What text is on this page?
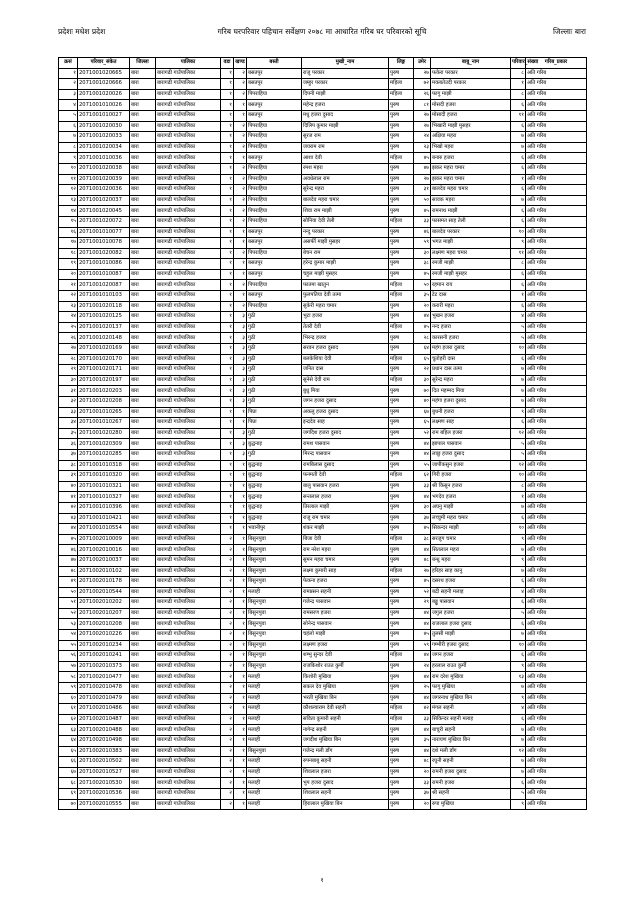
गरिब घरपरिवार पहिचान सर्वेक्षण २०७८ मा आधारित गरिब घर परिवारको सूचि
प्रदेशः मधेश प्रदेश	जिल्लाः बारा
क्रसं	परिवार_संकेत	जिल्ला	पालिका	वडा	खण्ड	बस्ती	मुखी_नाम	लिङ्ग	उमेर	बाबु_नाम	परिवार_संख्या	गरिब_प्रकार
१	2071001020665	बारा	बारागढी गाउँपालिका	१	२	बसतपुर	राजु परकार	पुरुष	२७	फकेरा परकार	८	अति गरिब
२	2071001020666	बारा	बारागढी गाउँपालिका	१	२	बसतपुर	जम्हुर परकार	महिला	७२	मकबतेउदी परकार	१	अति गरिब
३	2071001020026	बारा	बारागढी गाउँपालिका	१	२	पिपराहिया	दिपनी माझी	महिला	२६	फागु माझी	८	अति गरिब
४	2071001010026	बारा	बारागढी गाउँपालिका	१	१	बसतपुर	महेन्द्र हजरा	पुरुष	८१	मोसदी हजरा	६	अति गरिब
५	2071001010027	बारा	बारागढी गाउँपालिका	१	१	बसतपुर	मधु हजरा दुसाद	पुरुष	२७	मोसादी हजरा	११	अति गरिब
६	2071001020030	बारा	बारागढी गाउँपालिका	१	२	पिपराहिया	दिलिप कुमार माझी	पुरुष	२७	भिखारी माझी मुसहर	६	अति गरिब
७	2071001020033	बारा	बारागढी गाउँपालिका	१	२	पिपराहिया	सुरज राम	पुरुष	२४	अक्षिया महरा	७	अति गरिब
८	2071001020034	बारा	बारागढी गाउँपालिका	१	२	पिपराहिया	जयराम राम	पुरुष	२३	भिखो महरा	७	अति गरिब
९	2071001010036	बारा	बारागढी गाउँपालिका	१	१	बसतपुर	आशा देवी	महिला	४५	बनारु हजरा	६	अति गरिब
१०	2071001020038	बारा	बारागढी गाउँपालिका	१	२	पिपराहिया	रमश महरा	पुरुष	४७	झकर महरा चमार	६	अति गरिब
११	2071001020039	बारा	बारागढी गाउँपालिका	१	२	पिपराहिया	अवधेलाल राम	पुरुष	२७	झकर महरा चमार	१	अति गरिब
१२	2071001020036	बारा	बारागढी गाउँपालिका	१	२	पिपराहिया	सुरेन्द्र महरा	पुरुष	३१	बालदेव महरा चमार	६	अति गरिब
१३	2071001020037	बारा	बारागढी गाउँपालिका	१	२	पिपराहिया	बालदेव महरा चमार	पुरुष	५०	सावक महरा	७	अति गरिब
१४	2071001020045	बारा	बारागढी गाउँपालिका	१	२	पिपराहिया	शिवा राम माझी	पुरुष	४५	रामनाथ माझी	६	अति गरिब
१५	2071001020072	बारा	बारागढी गाउँपालिका	१	२	पिपराहिया	सोनिया देवी तेली	महिला	३३	फासमत साह तेली	६	अति गरिब
१६	2071001010077	बारा	बारागढी गाउँपालिका	१	१	बसतपुर	नन्दु परकार	पुरुष	४६	बालदेव परकार	१०	अति गरिब
१७	2071001010078	बारा	बारागढी गाउँपालिका	१	१	बसतपुर	असर्फी माझी मुसहर	पुरुष	५९	भगत माझी	९	अति गरिब
१८	2071001020082	बारा	बारागढी गाउँपालिका	१	२	पिपराहिया	बेचन राम	पुरुष	३०	लक्ष्मण महरा चमार	११	अति गरिब
१९	2071001010086	बारा	बारागढी गाउँपालिका	१	१	बसतपुर	हरेन्द्र कुमार माझी	पुरुष	३८	रमजी माझी	८	अति गरिब
२०	2071001010087	बारा	बारागढी गाउँपालिका	१	१	बसतपुर	चहुल माझी मुसहर	पुरुष	४५	रमजी माझी मुसहर	६	अति गरिब
२१	2071001020087	बारा	बारागढी गाउँपालिका	१	२	पिपराहिया	फातमा खातुन	महिला	५०	रहमान राय	६	अति गरिब
२२	2071001010103	बारा	बारागढी गाउँपालिका	१	१	बसतपुर	फुलपतिया देवी तत्मा	महिला	३५	टेट दास	१	अति गरिब
२३	2071001020118	बारा	बारागढी गाउँपालिका	१	२	पिपराहिया	सुकेरी महरा चमार	पुरुष	२०	करारी महरा	६	अति गरिब
२४	2071001020125	बारा	बारागढी गाउँपालिका	१	३	गुठी	भुटा हजरा	पुरुष	४४	भुखन हजरा	४	अति गरिब
२५	2071001020137	बारा	बारागढी गाउँपालिका	१	३	गुठी	तेतरी देवी	महिला	४५	नन्द हजरा	५	अति गरिब
२६	2071001020148	बारा	बारागढी गाउँपालिका	१	३	गुठी	भिरन्द्र हजरा	पुरुष	२८	कारसनी हजरा	५	अति गरिब
२७	2071001020169	बारा	बारागढी गाउँपालिका	१	३	गुठी	सरवन हजरा दुसाद	पुरुष	६४	महंग हजरा दुसाद	१०	अति गरिब
२८	2071001020170	बारा	बारागढी गाउँपालिका	१	३	गुठी	बलकेशिया देवी	महिला	६५	चुतोहरी दास	६	अति गरिब
२९	2071001020171	बारा	बारागढी गाउँपालिका	१	३	गुठी	जनित दास	पुरुष	२२	प्रधान दास तत्मा	७	अति गरिब
३०	2071001020197	बारा	बारागढी गाउँपालिका	१	३	गुठी	सुनेसे देवी राम	महिला	३०	सुरेन्द्र महरा	७	अति गरिब
३१	2071001020203	बारा	बारागढी गाउँपालिका	१	३	गुठी	बुधु मिया	पुरुष	७०	दित महम्मद मिया	७	अति गरिब
३२	2071001020208	बारा	बारागढी गाउँपालिका	१	३	गुठी	जगन हजरा दुसाद	पुरुष	४०	महंगा हजरा दुसाद	७	अति गरिब
३३	2071001010265	बारा	बारागढी गाउँपालिका	१	१	पिप्रा	अकलु हजरा दुसाद	पुरुष	६७	बुधनी हजरा	९	अति गरिब
३४	2071001010267	बारा	बारागढी गाउँपालिका	१	१	पिप्रा	इन्द्रदेव साह	पुरुष	६५	लक्ष्मण साह	६	अति गरिब
३५	2071001020280	बारा	बारागढी गाउँपालिका	१	३	गुठी	जगदिश हजरा दुसाद	पुरुष	५२	राम बहिल हजरा	१२	अति गरिब
३६	2071001020309	बारा	बारागढी गाउँपालिका	१	३	बुद्धनाइ	रामश पासवान	पुरुष	४४	झापाल पासवान	५	अति गरिब
३७	2071001020285	बारा	बारागढी गाउँपालिका	१	३	गुठी	मिरन्द्र पासवान	पुरुष	४४	लाछु हजरा दुसाद	५	अति गरिब
३८	2071001010318	बारा	बारागढी गाउँपालिका	१	१	बुद्धनाइ	रामबिलास दुसाद	पुरुष	५५	जापीकसुन हजरा	१२	अति गरिब
३९	2071001010320	बारा	बारागढी गाउँपालिका	१	१	बुद्धनाइ	फनमती देवी	महिला	६२	गिरी हजरा	१०	अति गरिब
४०	2071001010321	बारा	बारागढी गाउँपालिका	१	१	बुद्धनाइ	बालु पासवान हजरा	पुरुष	३३	श्री किसुन हजरा	८	अति गरिब
४१	2071001010327	बारा	बारागढी गाउँपालिका	१	१	बुद्धनाइ	सन्तलाल हजरा	पुरुष	४४	भगदेव हजरा	१	अति गरिब
४२	2071001010396	बारा	बारागढी गाउँपालिका	१	१	बुद्धनाइ	तिरलाल माझी	पुरुष	३०	अघनु माझी	७	अति गरिब
४३	2071001010421	बारा	बारागढी गाउँपालिका	१	१	बुद्धनाइ	राजु राम चमार	पुरुष	३७	लच्चुमी महरा चमार	६	अति गरिब
४४	2071001010554	बारा	बारागढी गाउँपालिका	१	१	भवानीपुर	शंकर माझी	पुरुष	४५	सिकन्दर माझी	१०	अति गरिब
४५	2071002010009	बारा	बारागढी गाउँपालिका	२	१	बिसुनपुवा	बिजा देवी	महिला	३८	सरजुग चमार	९	अति गरिब
४६	2071002010016	बारा	बारागढी गाउँपालिका	२	१	बिसुनपुवा	राम नरेश महरा	पुरुष	४४	सितलाल महरा	७	अति गरिब
४७	2071002010037	बारा	बारागढी गाउँपालिका	२	१	बिसुनपुवा	सुमन महरा चमार	पुरुष	४८	बन्धु महरा	९	अति गरिब
४८	2071002010102	बारा	बारागढी गाउँपालिका	२	१	बिसुनपुवा	लक्ष्मा कुमारी साह	महिला	२७	हरिहर साह कानु	७	अति गरिब
४९	2071002010178	बारा	बारागढी गाउँपालिका	२	१	बिसुनपुवा	फेकना हजरा	पुरुष	४५	दसरथ हजरा	६	अति गरिब
५०	2071002010544	बारा	बारागढी गाउँपालिका	२	१	मलाही	रामप्रसन सहनी	पुरुष	५२	बद्री सहनी मलाह	४	अति गरिब
५१	2071002010202	बारा	बारागढी गाउँपालिका	२	१	बिसुनपुवा	गजेन्द्र पासवान	पुरुष	२९	बढ्ढु पासवान	६	अति गरिब
५२	2071002010207	बारा	बारागढी गाउँपालिका	२	१	बिसुनपुवा	रामसरण हजरा	पुरुष	४४	जगुल हजरा	५	अति गरिब
५३	2071002010208	बारा	बारागढी गाउँपालिका	२	१	बिसुनपुवा	सोनेन्द्र पासवान	पुरुष	४४	राजलाल हजरा दुसाद	६	अति गरिब
५४	2071002010226	बारा	बारागढी गाउँपालिका	२	१	बिसुनपुवा	चहंलो माझी	पुरुष	४५	तुलसी माझी	७	अति गरिब
५५	2071002010234	बारा	बारागढी गाउँपालिका	२	१	बिसुनपुवा	लक्ष्मण हजरा	पुरुष	५९	गम्भीरी हजरा दुसाद	१०	अति गरिब
५६	2071002010241	बारा	बारागढी गाउँपालिका	२	१	बिसुनपुवा	शम्भु सुन्दर देवी	महिला	४४	जगन हजरा	६	अति गरिब
५७	2071002010373	बारा	बारागढी गाउँपालिका	२	१	बिसुनपुवा	राजकिशोर राउत कुर्मी	पुरुष	२४	हरलाल राउत कुर्मी	९	अति गरिब
५८	2071002010477	बारा	बारागढी गाउँपालिका	२	१	मलाही	किशोरी मुखिया	पुरुष	४४	राम दरेश मुखिया	१३	अति गरिब
५९	2071002010478	बारा	बारागढी गाउँपालिका	२	१	मलाही	सकल देव मुखिया	पुरुष	२५	फागु मुखिया	७	अति गरिब
६०	2071002010479	बारा	बारागढी गाउँपालिका	२	१	मलाही	भरती मुखिया बिन	पुरुष	४४	जगरनाथ मुखिया बिन	९	अति गरिब
६१	2071002010486	बारा	बारागढी गाउँपालिका	२	१	मलाही	कौशल्याराम देवी सहनी	महिला	४२	मंगल सहनी	४	अति गरिब
६२	2071002010487	बारा	बारागढी गाउँपालिका	२	१	मलाही	सविता कुमारी सहनी	महिला	३३	सिकिन्दर सहनी मलाह	६	अति गरिब
६३	2071002010488	बारा	बारागढी गाउँपालिका	२	१	मलाही	नागेन्द्र सहनी	पुरुष	४४	बाचुरी सहनी	७	अति गरिब
६४	2071002010498	बारा	बारागढी गाउँपालिका	२	१	मलाही	जगदीश मुखिया बिन	पुरुष	३५	नारायण मुखिया बिन	७	अति गरिब
६५	2071002010383	बारा	बारागढी गाउँपालिका	२	१	बिसुनपुवा	गजेन्द्र मली डाँग	पुरुष	४४	दशे मली डाँग	१२	अति गरिब
६६	2071002010502	बारा	बारागढी गाउँपालिका	२	१	मलाही	रुपनबाबु सहनी	पुरुष	४८	रघुनी सहनी	७	अति गरिब
६७	2071002010527	बारा	बारागढी गाउँपालिका	२	१	मलाही	शिवलाल हजरा	पुरुष	२०	रामनी हजरा दुसाद	७	अति गरिब
६८	2071002010530	बारा	बारागढी गाउँपालिका	२	१	मलाही	भुप हजरा दुसाद	पुरुष	३३	रामनी हजरा	६	अति गरिब
६९	2071002010536	बारा	बारागढी गाउँपालिका	२	१	मलाही	शिवलाल सहनी	पुरुष	३७	श्री सहनी	५	अति गरिब
७०	2071002010555	बारा	बारागढी गाउँपालिका	२	१	मलाही	हिरालाल मुखिया बिन	पुरुष	२०	रुपा मुखिया	९	अति गरिब
१
